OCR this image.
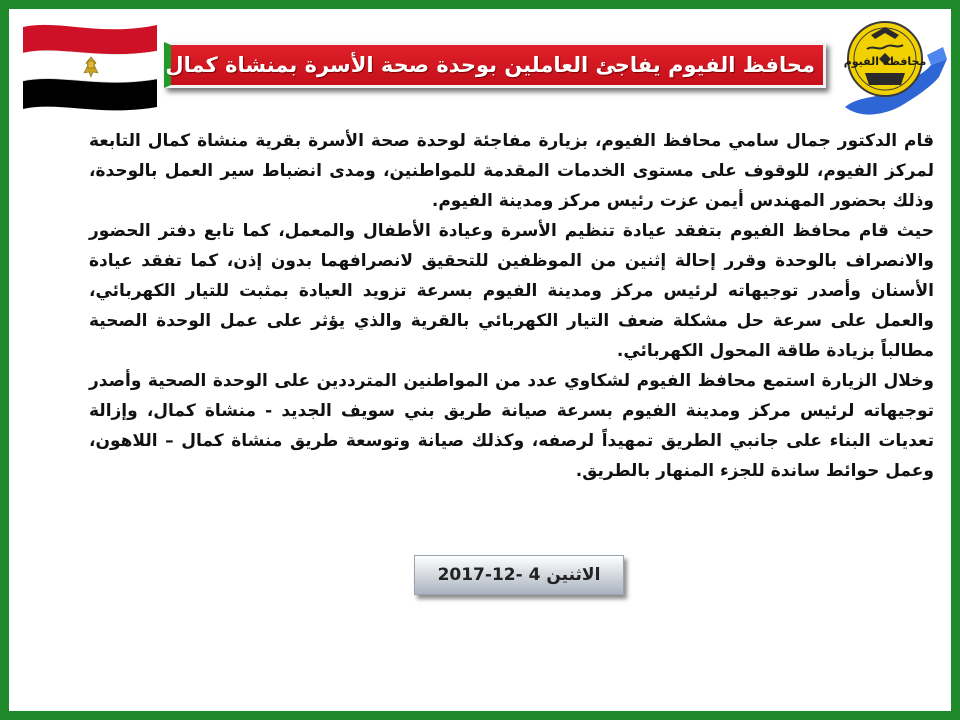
محافظة الفيوم
محافظ الفيوم يفاجئ العاملين بوحدة صحة الأسرة بمنشاة كمال

قام الدكتور جمال سامي محافظ الفيوم، بزيارة مفاجئة لوحدة صحة الأسرة بقرية منشاة كمال التابعة لمركز الفيوم، للوقوف على مستوى الخدمات المقدمة للمواطنين، ومدى انضباط سير العمل بالوحدة، وذلك بحضور المهندس أيمن عزت رئيس مركز ومدينة الفيوم.

حيث قام محافظ الفيوم بتفقد عيادة تنظيم الأسرة وعيادة الأطفال والمعمل، كما تابع دفتر الحضور والانصراف بالوحدة وقرر إحالة إثنين من الموظفين للتحقيق لانصرافهما بدون إذن، كما تفقد عيادة الأسنان وأصدر توجيهاته لرئيس مركز ومدينة الفيوم بسرعة تزويد العيادة بمثبت للتيار الكهربائي، والعمل على سرعة حل مشكلة ضعف التيار الكهربائي بالقرية والذي يؤثر على عمل الوحدة الصحية مطالباً بزيادة طاقة المحول الكهربائي.

وخلال الزيارة استمع محافظ الفيوم لشكاوي عدد من المواطنين المترددين على الوحدة الصحية وأصدر توجيهاته لرئيس مركز ومدينة الفيوم بسرعة صيانة طريق بني سويف الجديد - منشاة كمال، وإزالة تعديات البناء على جانبي الطريق تمهيداً لرصفه، وكذلك صيانة وتوسعة طريق منشاة كمال – اللاهون، وعمل حوائط ساندة للجزء المنهار بالطريق.

الاثنين 4 -12-2017
